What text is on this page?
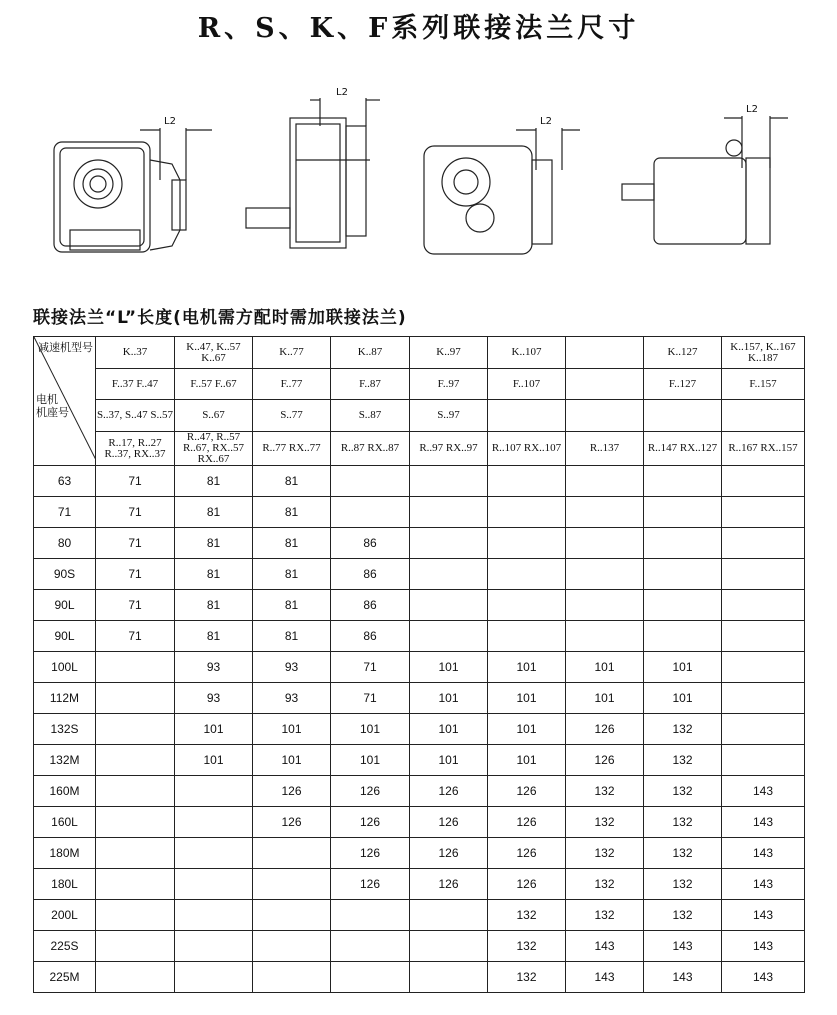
R、S、K、F系列联接法兰尺寸
L2
L2
L2
L2
联接法兰“L”长度(电机需方配时需加联接法兰)
减速机型号
电机
机座号	K..37	K..47, K..57 K..67	K..77	K..87	K..97	K..107		K..127	K..157, K..167 K..187
	F..37 F..47	F..57 F..67	F..77	F..87	F..97	F..107		F..127	F..157
	S..37, S..47 S..57	S..67	S..77	S..87	S..97				
	R..17, R..27 R..37, RX..37	R..47, R..57 R..67, RX..57 RX..67	R..77 RX..77	R..87 RX..87	R..97 RX..97	R..107 RX..107	R..137	R..147 RX..127	R..167 RX..157
63	71	81	81						
71	71	81	81						
80	71	81	81	86					
90S	71	81	81	86					
90L	71	81	81	86					
90L	71	81	81	86					
100L		93	93	71	101	101	101	101	
112M		93	93	71	101	101	101	101	
132S		101	101	101	101	101	126	132	
132M		101	101	101	101	101	126	132	
160M			126	126	126	126	132	132	143
160L			126	126	126	126	132	132	143
180M				126	126	126	132	132	143
180L				126	126	126	132	132	143
200L						132	132	132	143
225S						132	143	143	143
225M						132	143	143	143
